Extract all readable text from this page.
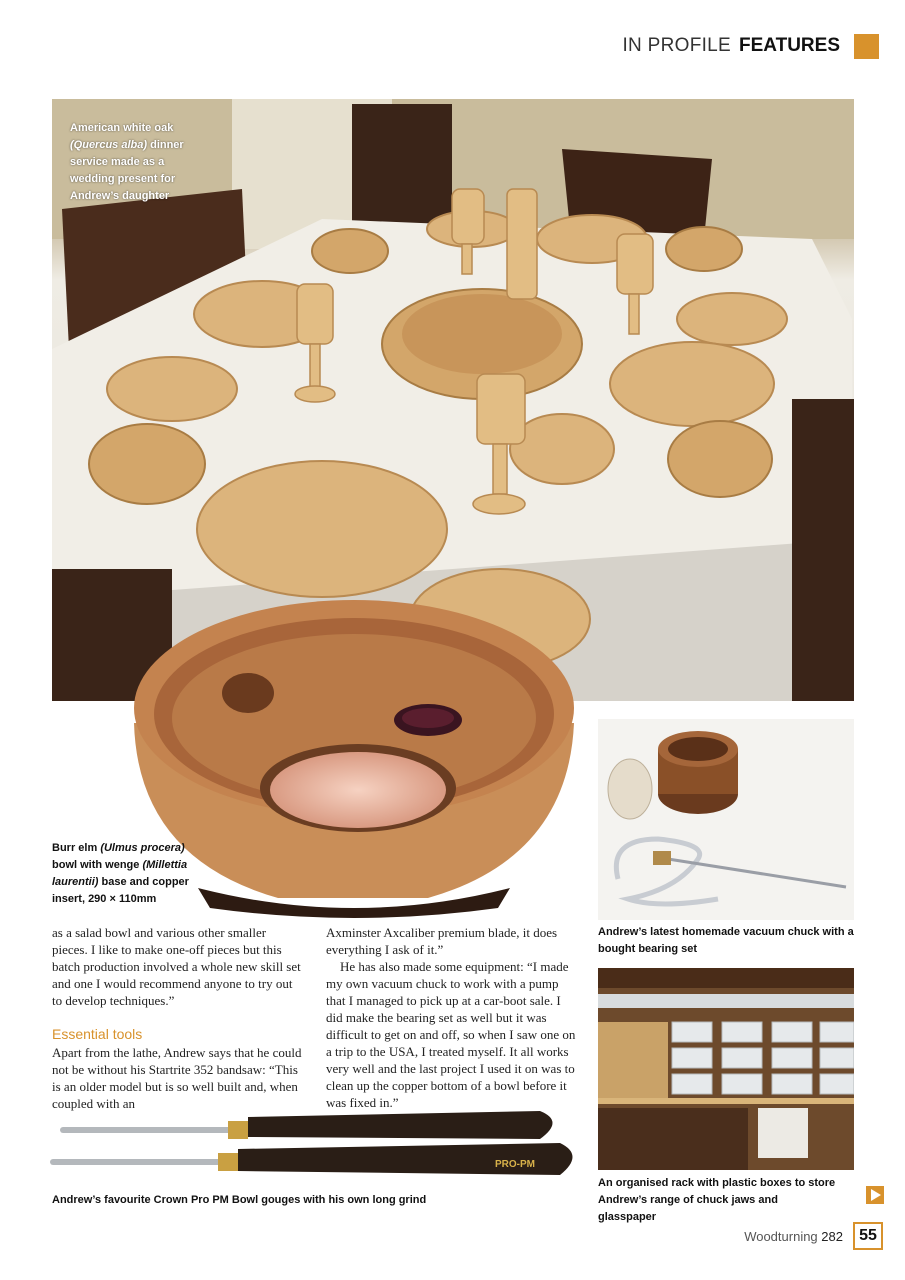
IN PROFILE FEATURES
American white oak
(Quercus alba) dinner service made as a wedding present for Andrew’s daughter
Burr elm (Ulmus procera) bowl with wenge (Millettia laurentii) base and copper insert, 290 × 110mm

as a salad bowl and various other smaller pieces. I like to make one-off pieces but this batch production involved a whole new skill set and one I would recommend anyone to try out to develop techniques.”

Essential tools

Apart from the lathe, Andrew says that he could not be without his Startrite 352 bandsaw: “This is an older model but is so well built and, when coupled with an

Axminster Axcaliber premium blade, it does everything I ask of it.”

He has also made some equipment: “I made my own vacuum chuck to work with a pump that I managed to pick up at a car-boot sale. I did make the bearing set as well but it was difficult to get on and off, so when I saw one on a trip to the USA, I treated myself. It all works very well and the last project I used it on was to clean up the copper bottom of a bowl before it was fixed in.”

Andrew’s latest homemade vacuum chuck with a bought bearing set
An organised rack with plastic boxes to store Andrew’s range of chuck jaws and glasspaper
PRO-PM
Andrew’s favourite Crown Pro PM Bowl gouges with his own long grind
Woodturning 282	55
